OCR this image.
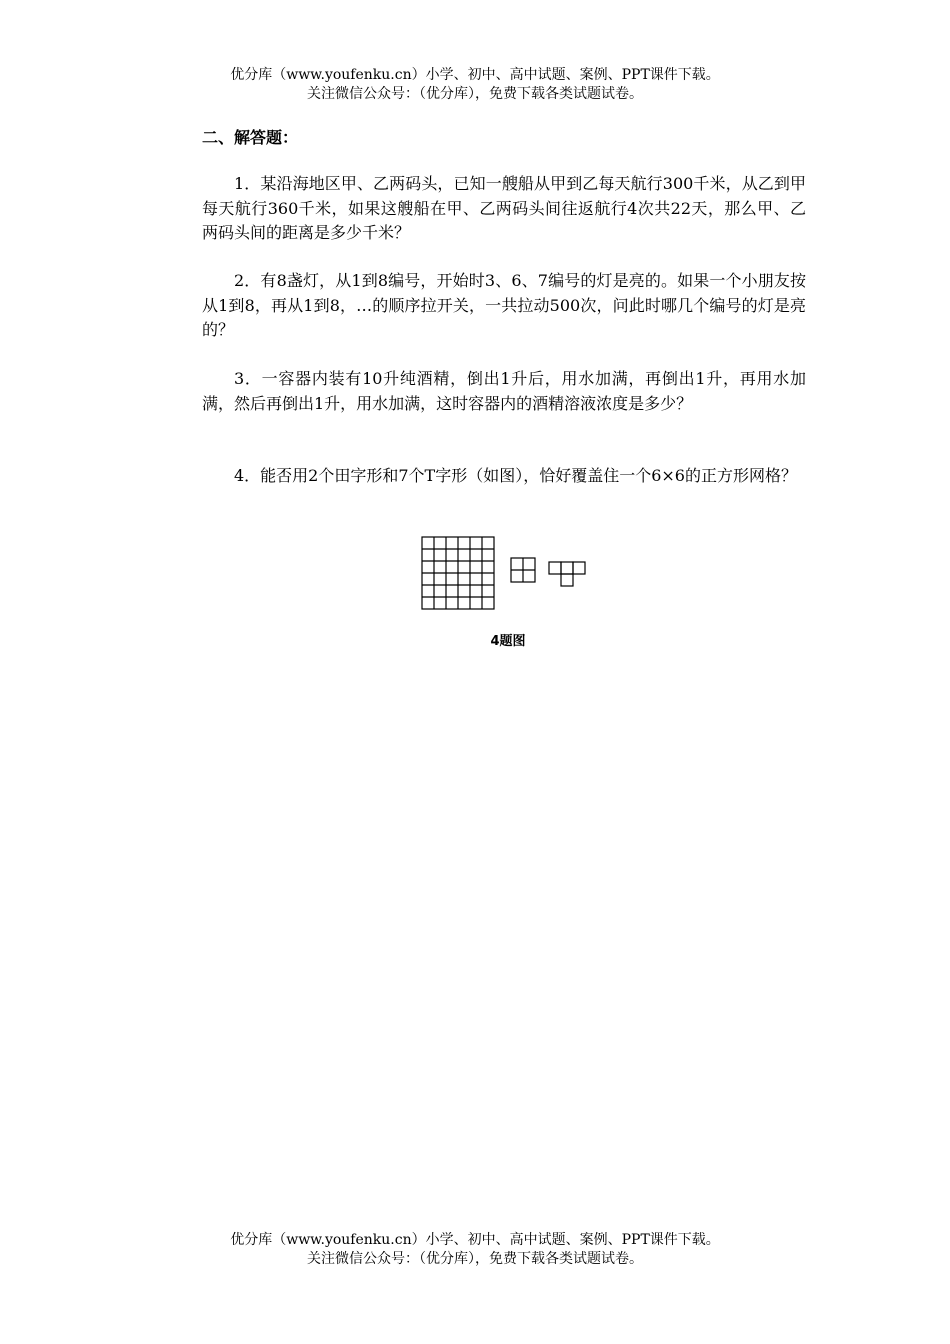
优分库（www.youfenku.cn）小学、初中、高中试题、案例、PPT课件下载。
关注微信公众号：（优分库），免费下载各类试题试卷。
二、解答题：

1．某沿海地区甲、乙两码头，已知一艘船从甲到乙每天航行300千米，从乙到甲每天航行360千米，如果这艘船在甲、乙两码头间往返航行4次共22天，那么甲、乙两码头间的距离是多少千米？

2．有8盏灯，从1到8编号，开始时3、6、7编号的灯是亮的。如果一个小朋友按从1到8，再从1到8，…的顺序拉开关，一共拉动500次，问此时哪几个编号的灯是亮的？

3．一容器内装有10升纯酒精，倒出1升后，用水加满，再倒出1升，再用水加满，然后再倒出1升，用水加满，这时容器内的酒精溶液浓度是多少？

4．能否用2个田字形和7个T字形（如图），恰好覆盖住一个6×6的正方形网格？

4题图
优分库（www.youfenku.cn）小学、初中、高中试题、案例、PPT课件下载。
关注微信公众号：（优分库），免费下载各类试题试卷。
